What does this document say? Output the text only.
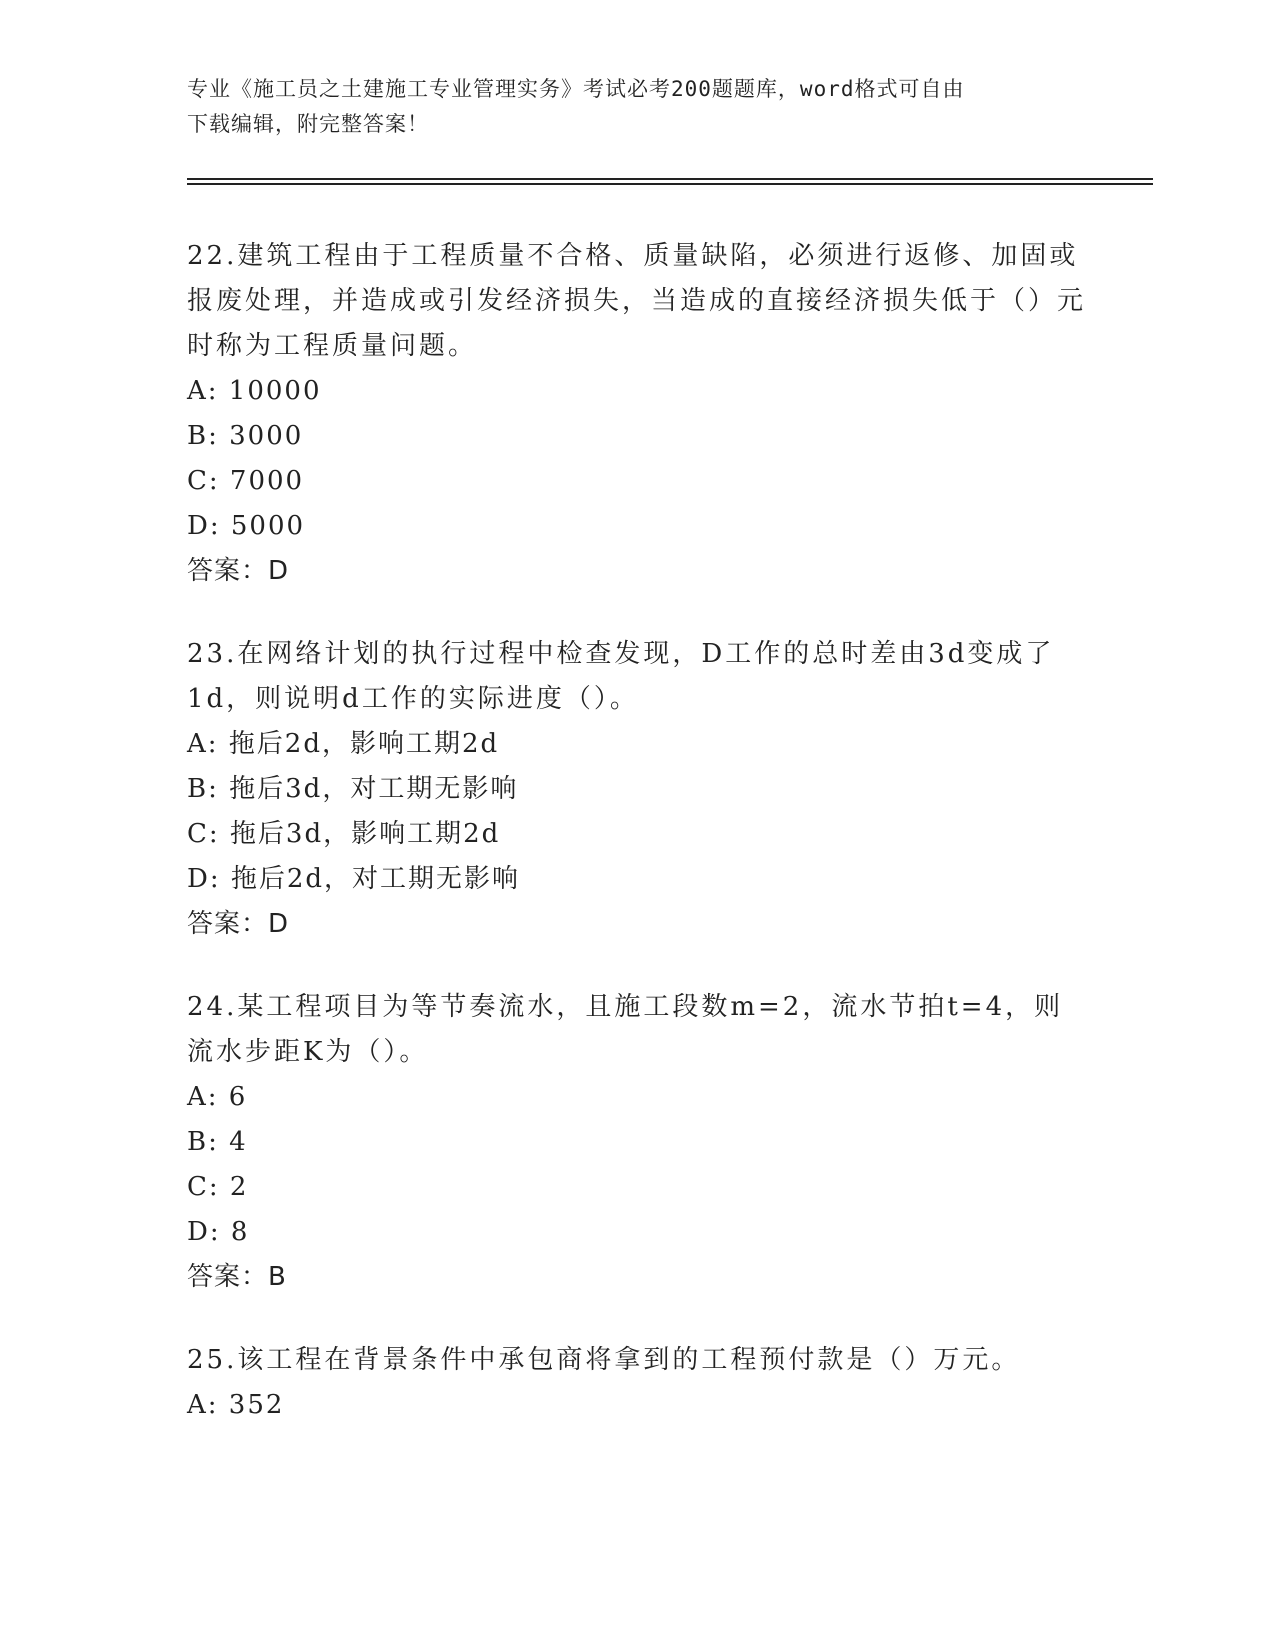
专业《施工员之土建施工专业管理实务》考试必考200题题库，word格式可自由
下载编辑，附完整答案！

22.建筑工程由于工程质量不合格、质量缺陷，必须进行返修、加固或报废处理，并造成或引发经济损失，当造成的直接经济损失低于（）元时称为工程质量问题。

A: 10000

B: 3000

C: 7000

D: 5000

答案：D

23.在网络计划的执行过程中检查发现，D工作的总时差由3d变成了1d，则说明d工作的实际进度（）。

A: 拖后2d，影响工期2d

B: 拖后3d，对工期无影响

C: 拖后3d，影响工期2d

D: 拖后2d，对工期无影响

答案：D

24.某工程项目为等节奏流水，且施工段数m=2，流水节拍t=4，则流水步距K为（）。

A: 6

B: 4

C: 2

D: 8

答案：B

25.该工程在背景条件中承包商将拿到的工程预付款是（）万元。

A: 352
